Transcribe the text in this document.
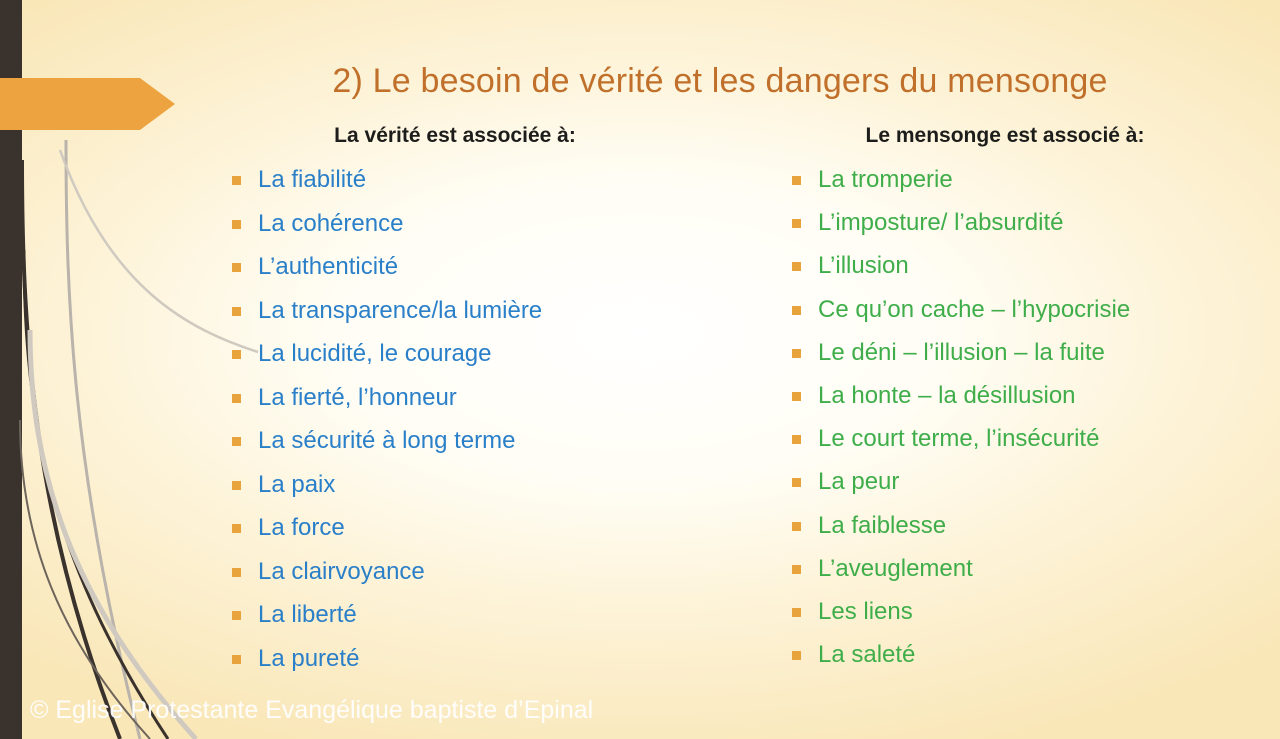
2) Le besoin de vérité et les dangers du mensonge
La vérité est associée à:
La fiabilité
La cohérence
L’authenticité
La transparence/la lumière
La lucidité, le courage
La fierté, l’honneur
La sécurité à long terme
La paix
La force
La clairvoyance
La liberté
La pureté
Le mensonge est associé à:
La tromperie
L’imposture/ l’absurdité
L’illusion
Ce qu’on cache – l’hypocrisie
Le déni – l’illusion – la fuite
La honte – la désillusion
Le court terme, l’insécurité
La peur
La faiblesse
L’aveuglement
Les liens
La saleté
© Eglise Protestante Evangélique baptiste d’Epinal
